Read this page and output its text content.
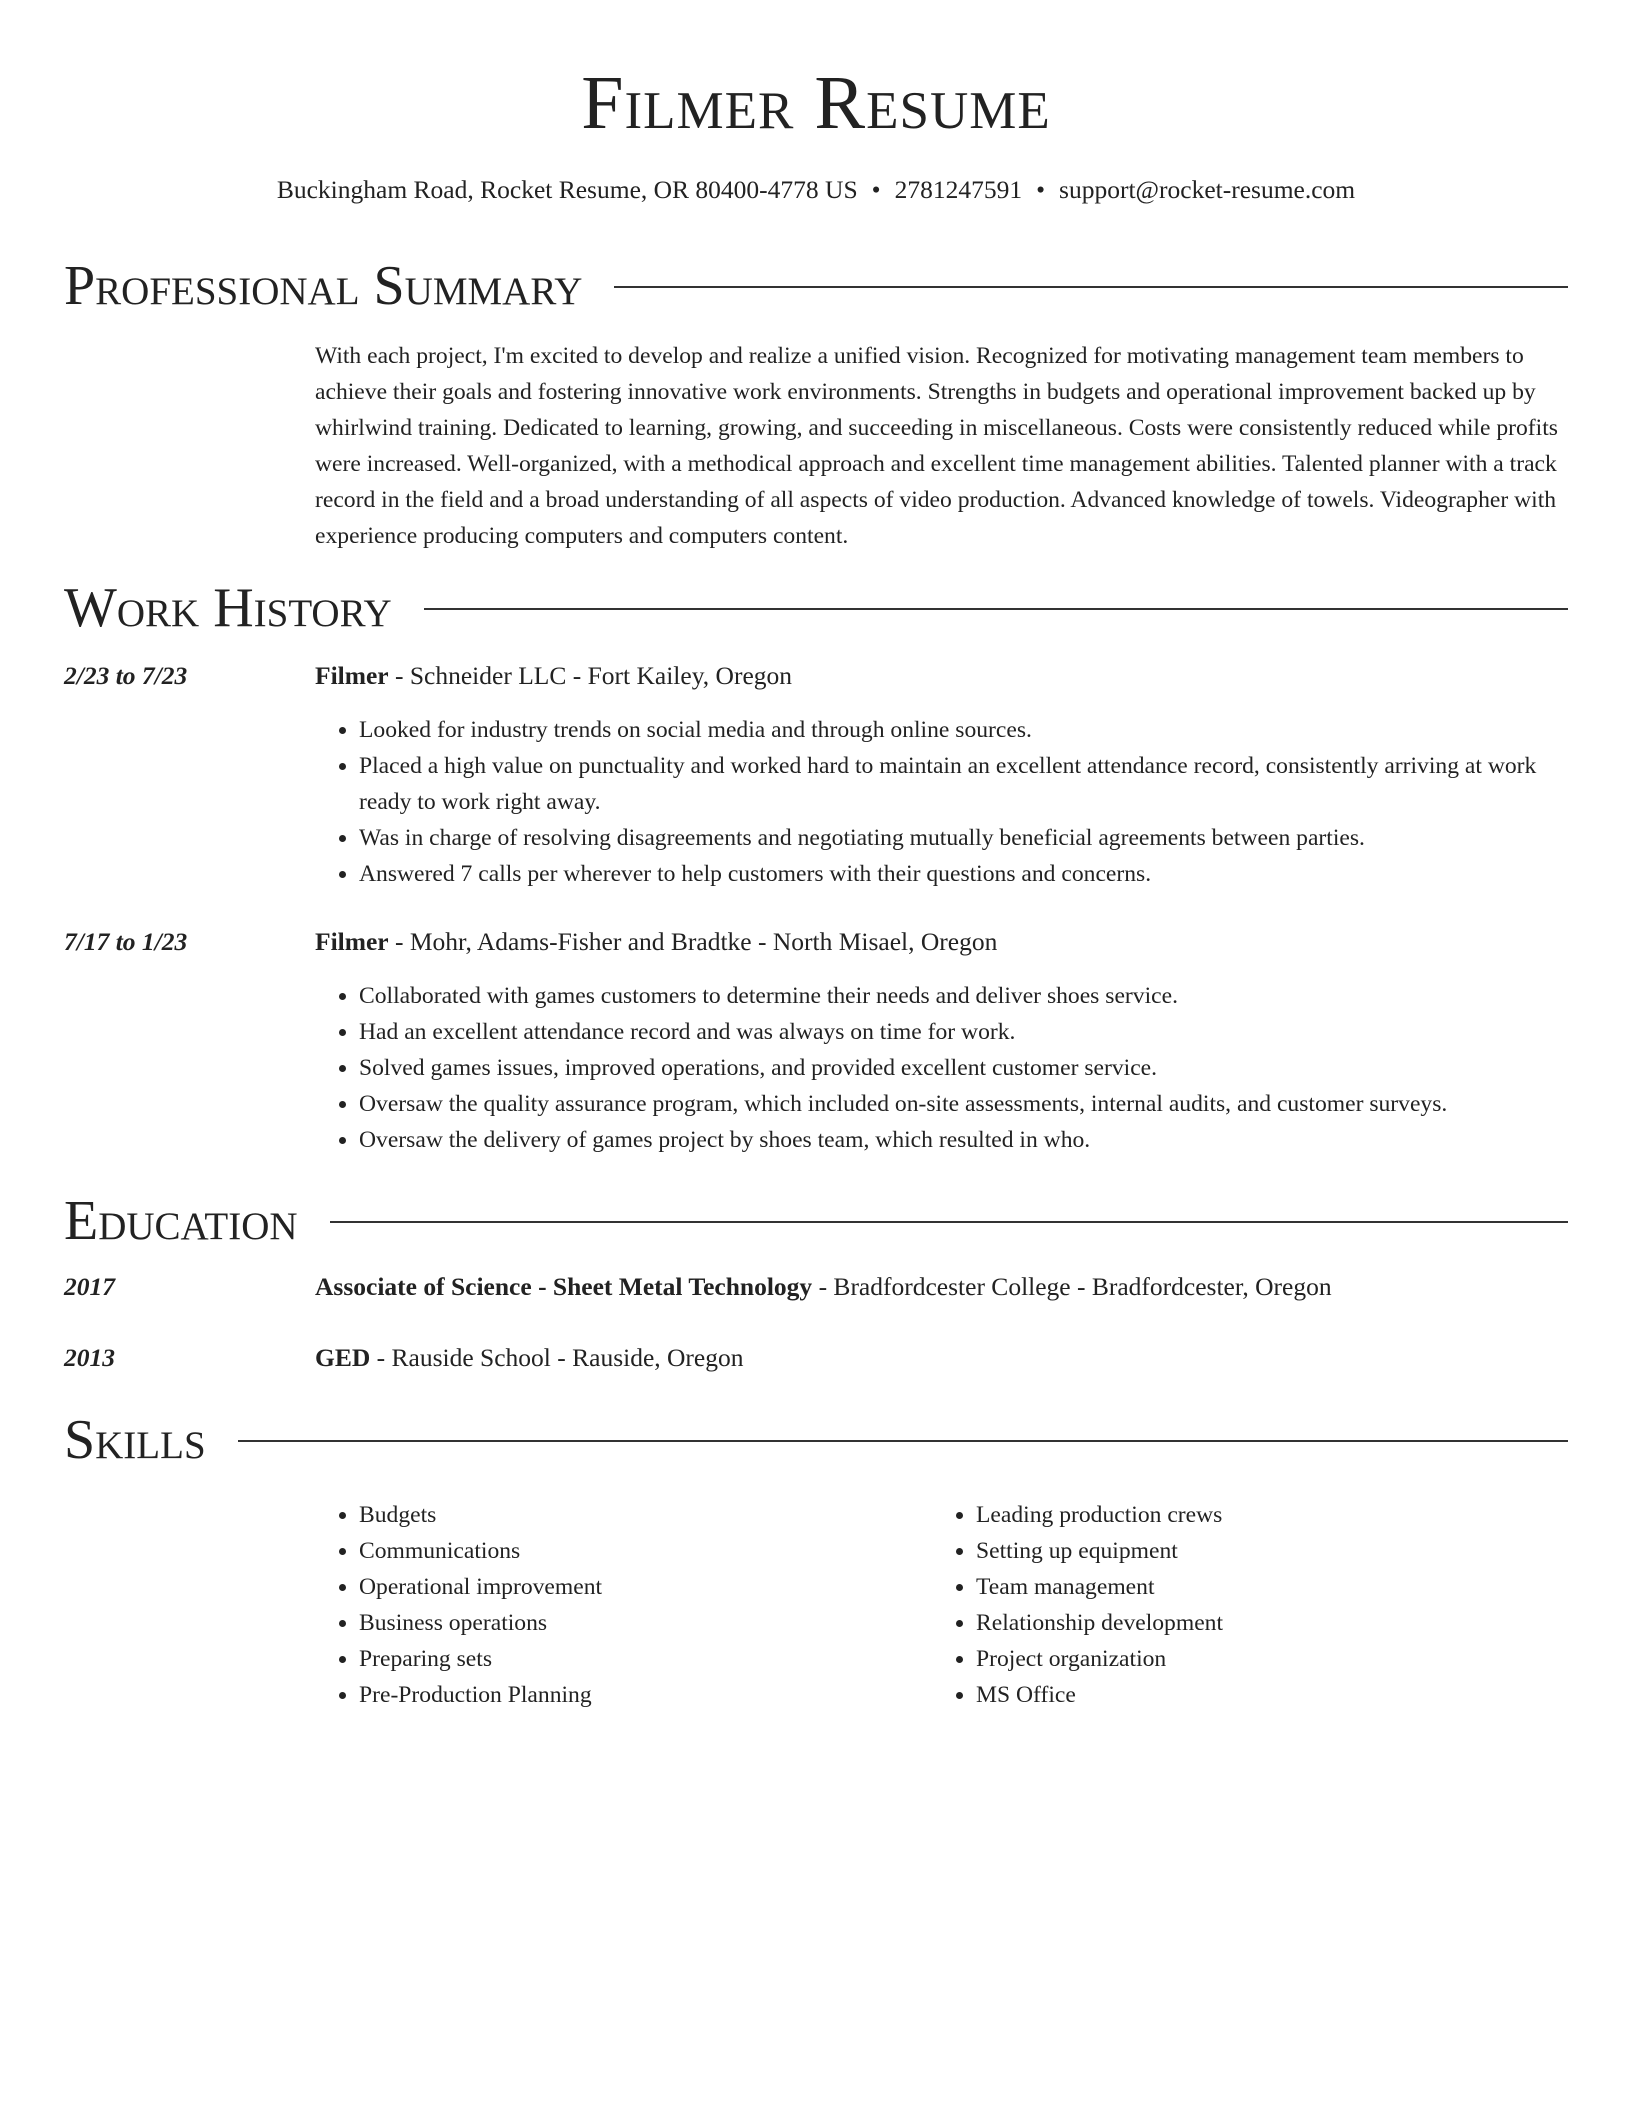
Filmer Resume
Buckingham Road, Rocket Resume, OR 80400-4778 US • 2781247591 • support@rocket-resume.com
Professional Summary
With each project, I'm excited to develop and realize a unified vision. Recognized for motivating management team members to achieve their goals and fostering innovative work environments. Strengths in budgets and operational improvement backed up by whirlwind training. Dedicated to learning, growing, and succeeding in miscellaneous. Costs were consistently reduced while profits were increased. Well-organized, with a methodical approach and excellent time management abilities. Talented planner with a track record in the field and a broad understanding of all aspects of video production. Advanced knowledge of towels. Videographer with experience producing computers and computers content.
Work History
2/23 to 7/23	Filmer - Schneider LLC - Fort Kailey, Oregon
• Looked for industry trends on social media and through online sources.
• Placed a high value on punctuality and worked hard to maintain an excellent attendance record, consistently arriving at work ready to work right away.
• Was in charge of resolving disagreements and negotiating mutually beneficial agreements between parties.
• Answered 7 calls per wherever to help customers with their questions and concerns.
7/17 to 1/23	Filmer - Mohr, Adams-Fisher and Bradtke - North Misael, Oregon
• Collaborated with games customers to determine their needs and deliver shoes service.
• Had an excellent attendance record and was always on time for work.
• Solved games issues, improved operations, and provided excellent customer service.
• Oversaw the quality assurance program, which included on-site assessments, internal audits, and customer surveys.
• Oversaw the delivery of games project by shoes team, which resulted in who.
Education
2017	Associate of Science - Sheet Metal Technology - Bradfordcester College - Bradfordcester, Oregon
2013	GED - Rauside School - Rauside, Oregon
Skills
• Budgets
• Communications
• Operational improvement
• Business operations
• Preparing sets
• Pre-Production Planning
• Leading production crews
• Setting up equipment
• Team management
• Relationship development
• Project organization
• MS Office
